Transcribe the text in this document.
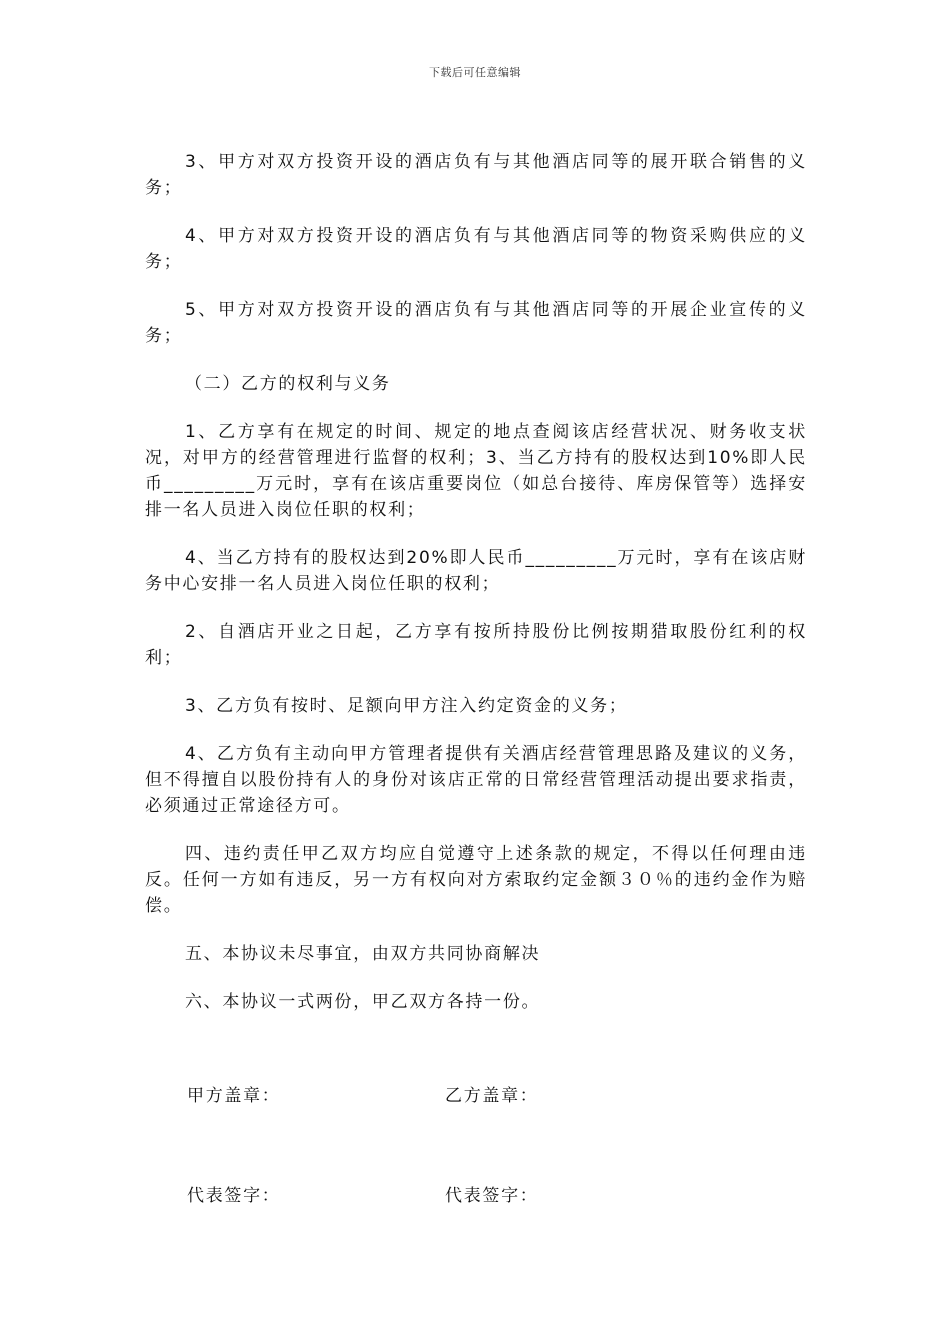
下载后可任意编辑

3、甲方对双方投资开设的酒店负有与其他酒店同等的展开联合销售的义务；

4、甲方对双方投资开设的酒店负有与其他酒店同等的物资采购供应的义务；

5、甲方对双方投资开设的酒店负有与其他酒店同等的开展企业宣传的义务；

（二）乙方的权利与义务

1、乙方享有在规定的时间、规定的地点查阅该店经营状况、财务收支状况，对甲方的经营管理进行监督的权利；3、当乙方持有的股权达到10%即人民币_________万元时，享有在该店重要岗位（如总台接待、库房保管等）选择安排一名人员进入岗位任职的权利；

4、当乙方持有的股权达到20%即人民币_________万元时，享有在该店财务中心安排一名人员进入岗位任职的权利；

2、自酒店开业之日起，乙方享有按所持股份比例按期猎取股份红利的权利；

3、乙方负有按时、足额向甲方注入约定资金的义务；

4、乙方负有主动向甲方管理者提供有关酒店经营管理思路及建议的义务，但不得擅自以股份持有人的身份对该店正常的日常经营管理活动提出要求指责，必须通过正常途径方可。

四、违约责任甲乙双方均应自觉遵守上述条款的规定，不得以任何理由违反。任何一方如有违反，另一方有权向对方索取约定金额３０％的违约金作为赔偿。

五、本协议未尽事宜，由双方共同协商解决

六、本协议一式两份，甲乙双方各持一份。

甲方盖章：	乙方盖章：
代表签字：	代表签字：
